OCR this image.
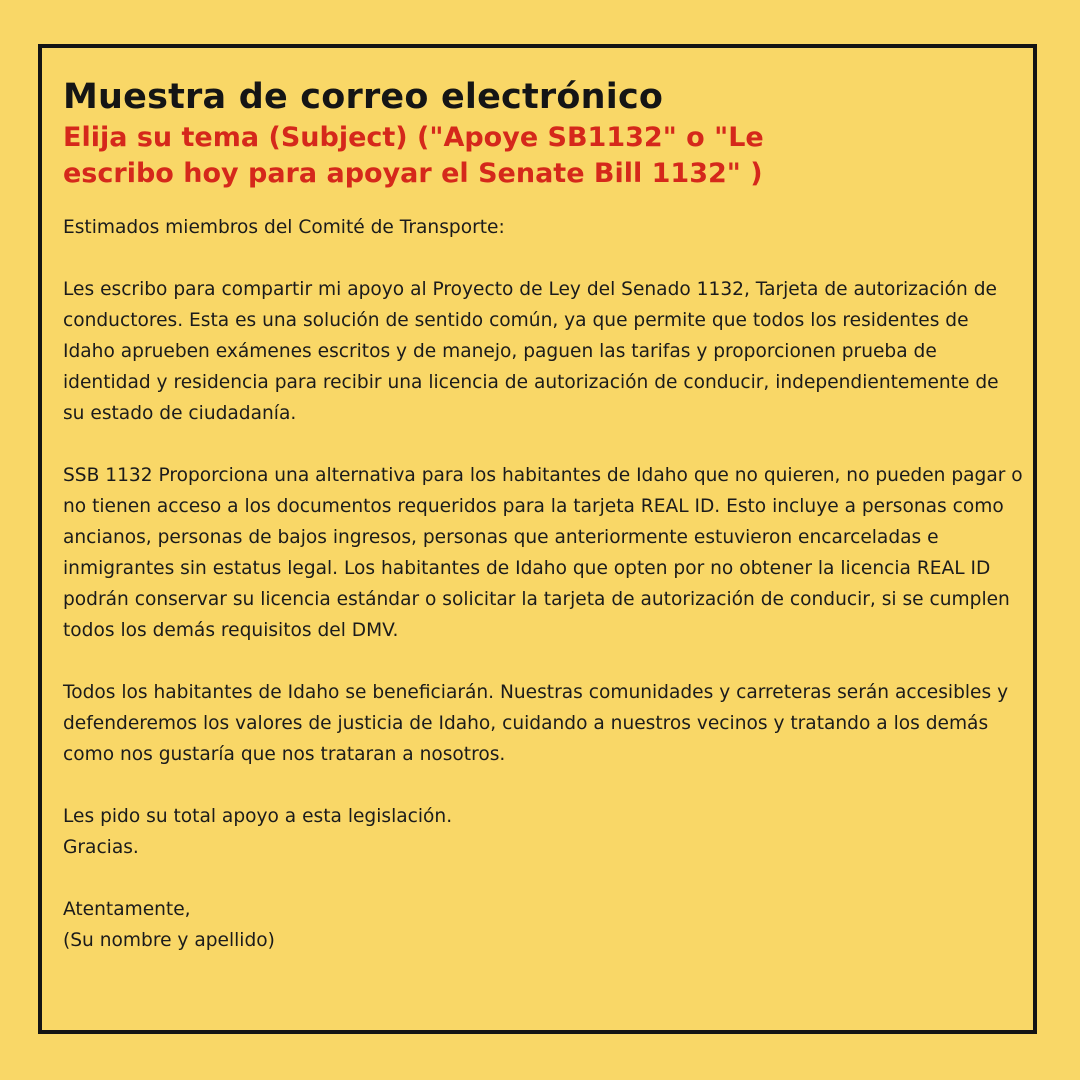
Muestra de correo electrónico
Elija su tema (Subject) ("Apoye SB1132" o "Le escribo hoy para apoyar el Senate Bill 1132" )

Estimados miembros del Comité de Transporte:

Les escribo para compartir mi apoyo al Proyecto de Ley del Senado 1132, Tarjeta de autorización de conductores. Esta es una solución de sentido común, ya que permite que todos los residentes de Idaho aprueben exámenes escritos y de manejo, paguen las tarifas y proporcionen prueba de identidad y residencia para recibir una licencia de autorización de conducir, independientemente de su estado de ciudadanía.

SSB 1132 Proporciona una alternativa para los habitantes de Idaho que no quieren, no pueden pagar o no tienen acceso a los documentos requeridos para la tarjeta REAL ID. Esto incluye a personas como ancianos, personas de bajos ingresos, personas que anteriormente estuvieron encarceladas e inmigrantes sin estatus legal. Los habitantes de Idaho que opten por no obtener la licencia REAL ID podrán conservar su licencia estándar o solicitar la tarjeta de autorización de conducir, si se cumplen todos los demás requisitos del DMV.

Todos los habitantes de Idaho se beneficiarán. Nuestras comunidades y carreteras serán accesibles y defenderemos los valores de justicia de Idaho, cuidando a nuestros vecinos y tratando a los demás como nos gustaría que nos trataran a nosotros.

Les pido su total apoyo a esta legislación.

Gracias.

Atentamente,

(Su nombre y apellido)
